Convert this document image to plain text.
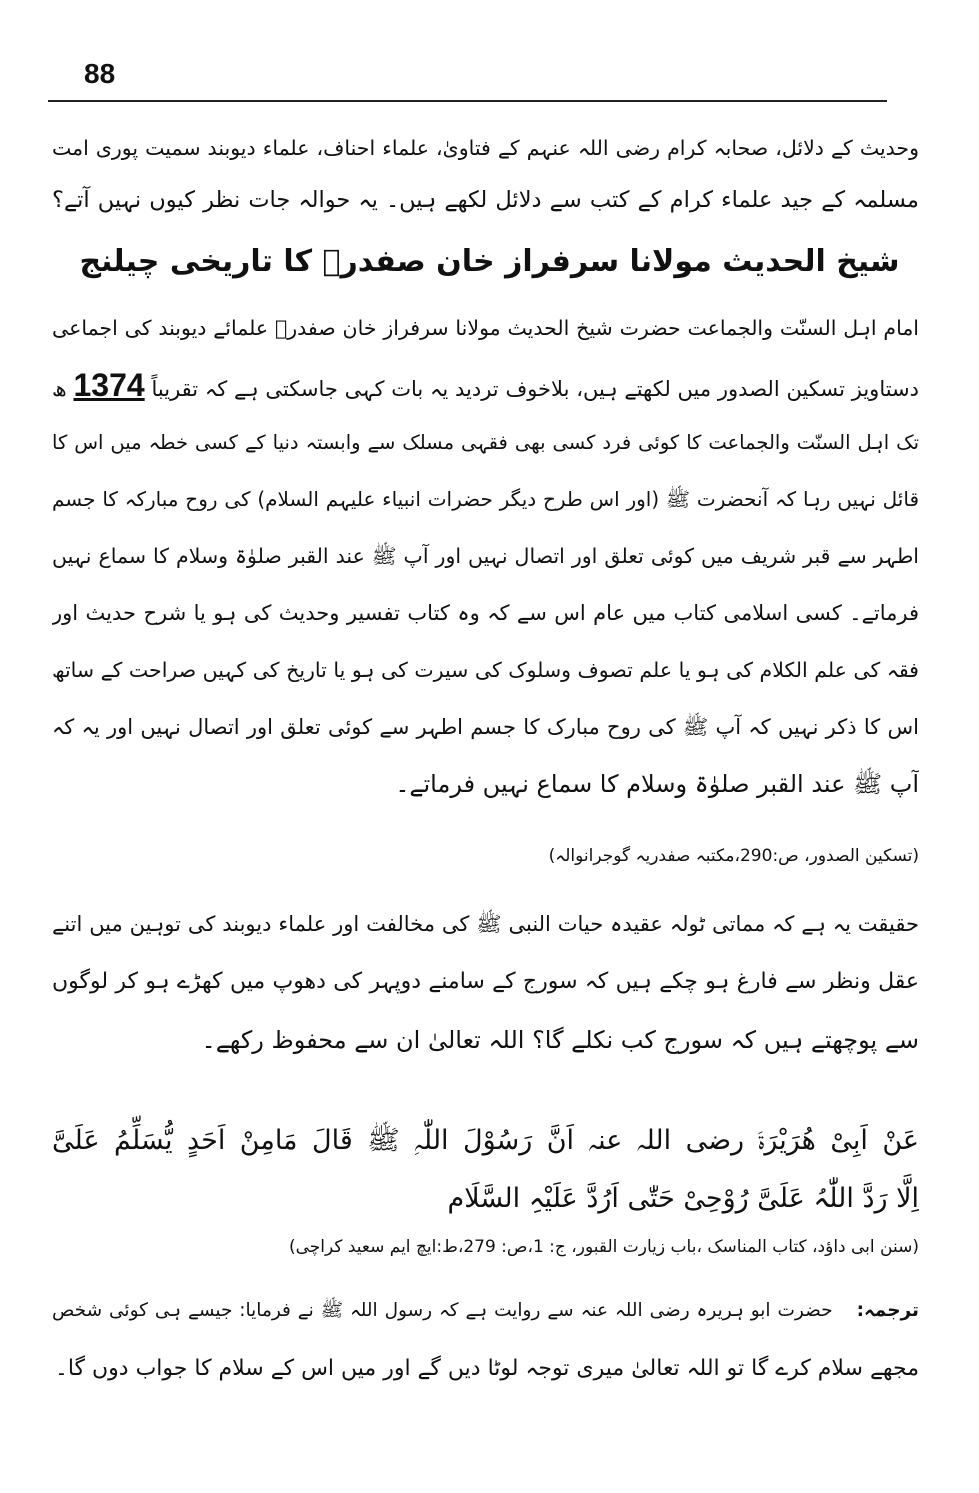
88
وحدیث کے دلائل، صحابہ کرام رضی اللہ عنہم کے فتاویٰ، علماء احناف، علماء دیوبند سمیت پوری امت
مسلمہ کے جید علماء کرام کے کتب سے دلائل لکھے ہیں۔ یہ حوالہ جات نظر کیوں نہیں آتے؟
شیخ الحدیث مولانا سرفراز خان صفدرؒ کا تاریخی چیلنج
امام اہل السنّت والجماعت حضرت شیخ الحدیث مولانا سرفراز خان صفدرؒ علمائے دیوبند کی اجماعی
دستاویز تسکین الصدور میں لکھتے ہیں، بلاخوف تردید یہ بات کہی جاسکتی ہے کہ تقریباً 1374 ھ
تک اہل السنّت والجماعت کا کوئی فرد کسی بھی فقہی مسلک سے وابستہ دنیا کے کسی خطہ میں اس کا
قائل نہیں رہا کہ آنحضرت ﷺ (اور اس طرح دیگر حضرات انبیاء علیہم السلام) کی روح مبارکہ کا جسم
اطہر سے قبر شریف میں کوئی تعلق اور اتصال نہیں اور آپ ﷺ عند القبر صلوٰۃ وسلام کا سماع نہیں
فرماتے۔ کسی اسلامی کتاب میں عام اس سے کہ وہ کتاب تفسیر وحدیث کی ہو یا شرح حدیث اور
فقہ کی علم الکلام کی ہو یا علم تصوف وسلوک کی سیرت کی ہو یا تاریخ کی کہیں صراحت کے ساتھ
اس کا ذکر نہیں کہ آپ ﷺ کی روح مبارک کا جسم اطہر سے کوئی تعلق اور اتصال نہیں اور یہ کہ
آپ ﷺ عند القبر صلوٰۃ وسلام کا سماع نہیں فرماتے۔
(تسکین الصدور، ص:290،مکتبہ صفدریہ گوجرانوالہ)
حقیقت یہ ہے کہ مماتی ٹولہ عقیدہ حیات النبی ﷺ کی مخالفت اور علماء دیوبند کی توہین میں اتنے
عقل ونظر سے فارغ ہو چکے ہیں کہ سورج کے سامنے دوپہر کی دھوپ میں کھڑے ہو کر لوگوں
سے پوچھتے ہیں کہ سورج کب نکلے گا؟ اللہ تعالیٰ ان سے محفوظ رکھے۔
عَنْ اَبِیْ ھُرَیْرَۃَ رضی اللہ عنہ اَنَّ رَسُوْلَ اللّٰہِ ﷺ قَالَ مَامِنْ اَحَدٍ یُّسَلِّمُ عَلَیَّ
اِلَّا رَدَّ اللّٰہُ عَلَیَّ رُوْحِیْ حَتّٰی اَرُدَّ عَلَیْہِ السَّلَام
(سنن ابی داؤد، کتاب المناسک ،باب زیارت القبور، ج: 1،ص: 279،ط:ایچ ایم سعید کراچی)
ترجمہ:حضرت ابو ہریرہ رضی اللہ عنہ سے روایت ہے کہ رسول اللہ ﷺ نے فرمایا: جیسے ہی کوئی شخص
مجھے سلام کرے گا تو اللہ تعالیٰ میری توجہ لوٹا دیں گے اور میں اس کے سلام کا جواب دوں گا۔
